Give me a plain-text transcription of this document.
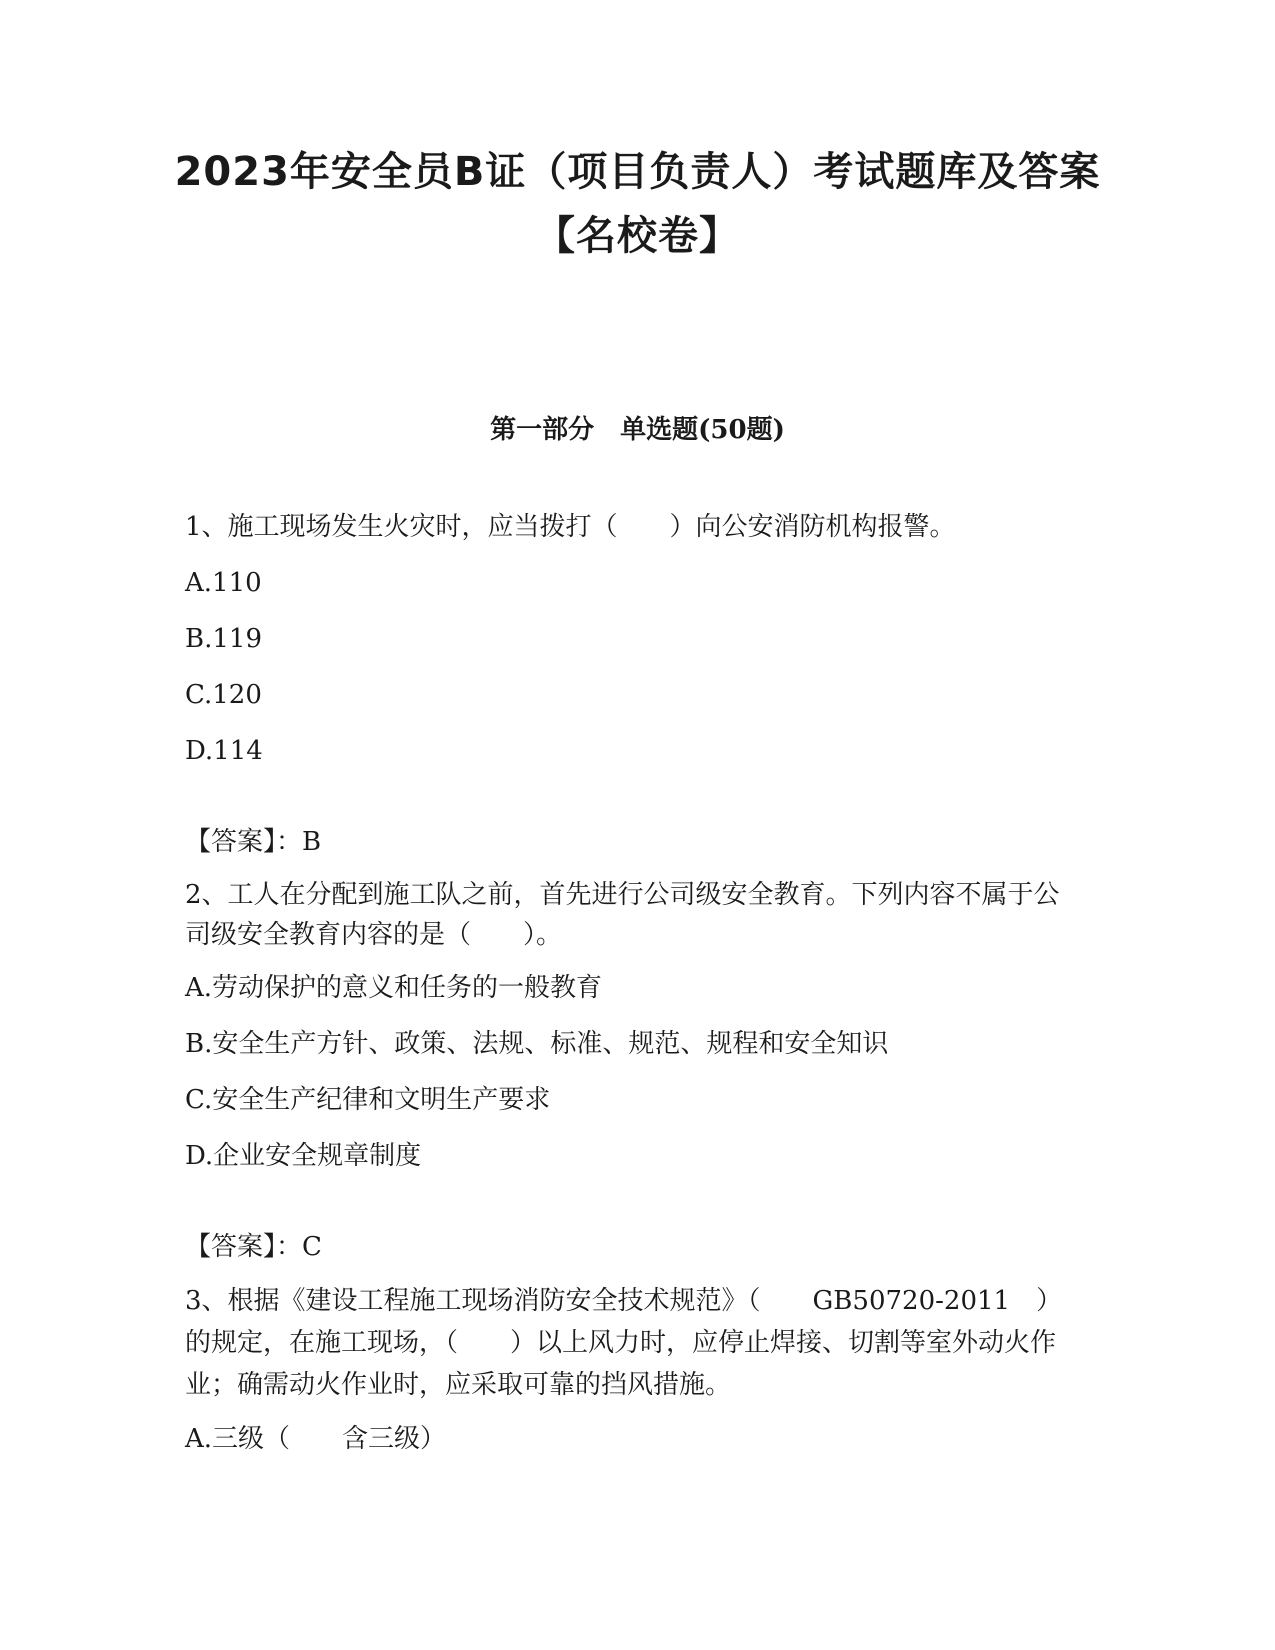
2023年安全员B证（项目负责人）考试题库及答案【名校卷】
第一部分　单选题(50题)

1、施工现场发生火灾时，应当拨打（　　）向公安消防机构报警。

A.110

B.119

C.120

D.114

【答案】：B

2、工人在分配到施工队之前，首先进行公司级安全教育。下列内容不属于公司级安全教育内容的是（　　）。

A.劳动保护的意义和任务的一般教育

B.安全生产方针、政策、法规、标准、规范、规程和安全知识

C.安全生产纪律和文明生产要求

D.企业安全规章制度

【答案】：C

3、根据《建设工程施工现场消防安全技术规范》（　　GB50720-2011　）的规定，在施工现场，（　　）以上风力时，应停止焊接、切割等室外动火作业；确需动火作业时，应采取可靠的挡风措施。

A.三级（　　含三级）
